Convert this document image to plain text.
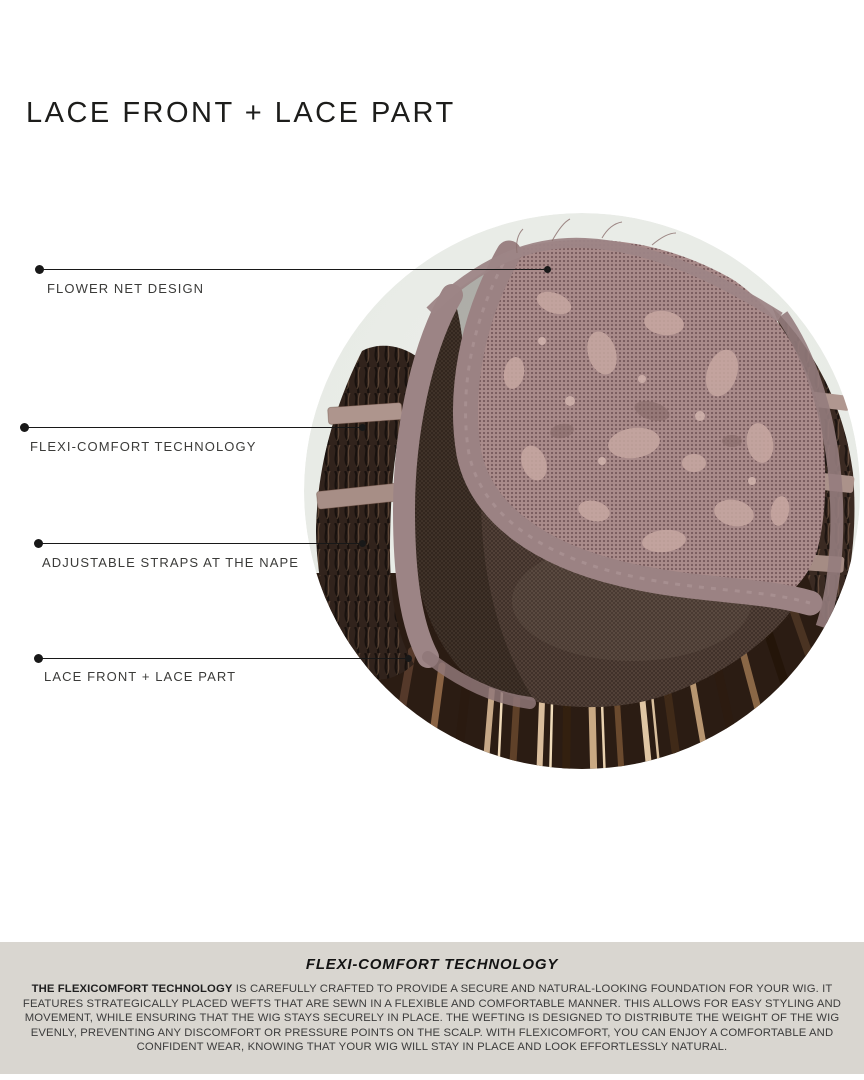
LACE FRONT + LACE PART
FLOWER NET DESIGN
FLEXI-COMFORT TECHNOLOGY
ADJUSTABLE STRAPS AT THE NAPE
LACE FRONT + LACE PART
FLEXI-COMFORT TECHNOLOGY

THE FLEXICOMFORT TECHNOLOGY IS CAREFULLY CRAFTED TO PROVIDE A SECURE AND NATURAL-LOOKING FOUNDATION FOR YOUR WIG. IT FEATURES STRATEGICALLY PLACED WEFTS THAT ARE SEWN IN A FLEXIBLE AND COMFORTABLE MANNER. THIS ALLOWS FOR EASY STYLING AND MOVEMENT, WHILE ENSURING THAT THE WIG STAYS SECURELY IN PLACE. THE WEFTING IS DESIGNED TO DISTRIBUTE THE WEIGHT OF THE WIG EVENLY, PREVENTING ANY DISCOMFORT OR PRESSURE POINTS ON THE SCALP. WITH FLEXICOMFORT, YOU CAN ENJOY A COMFORTABLE AND CONFIDENT WEAR, KNOWING THAT YOUR WIG WILL STAY IN PLACE AND LOOK EFFORTLESSLY NATURAL.
